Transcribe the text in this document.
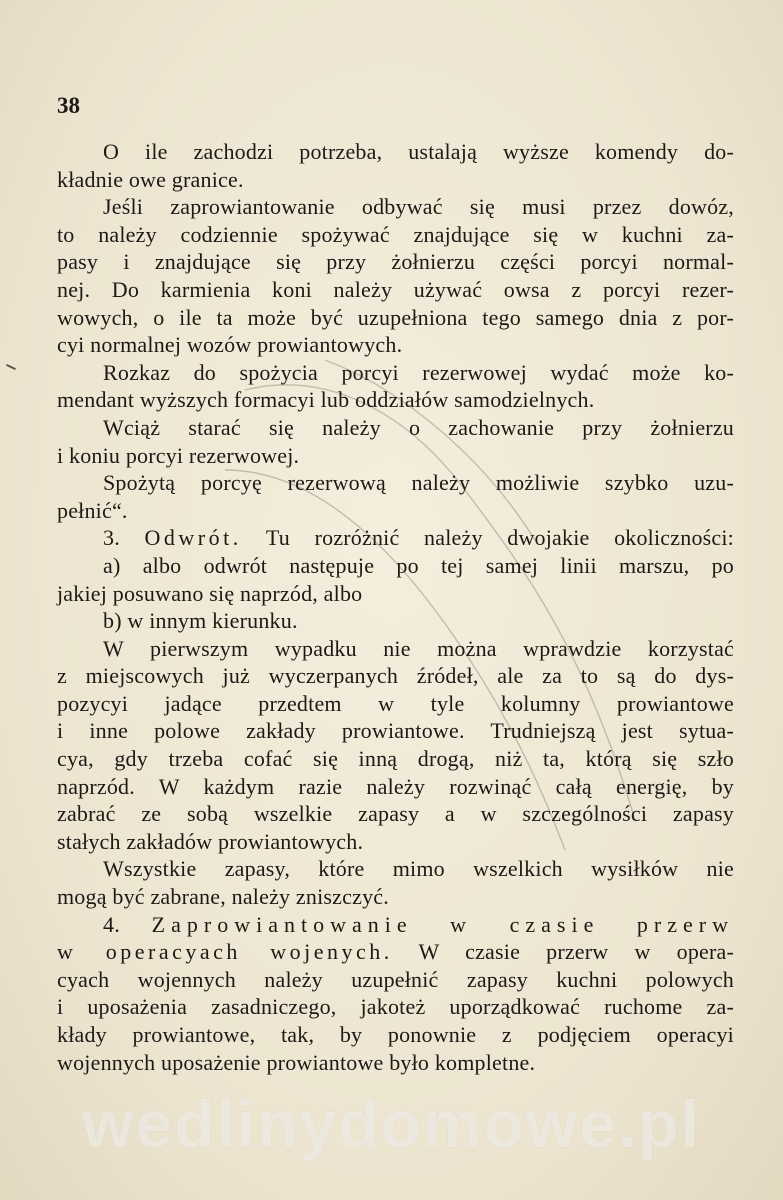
38
O ile zachodzi potrzeba, ustalają wyższe komendy do-
kładnie owe granice.
Jeśli zaprowiantowanie odbywać się musi przez dowóz,
to należy codziennie spożywać znajdujące się w kuchni za-
pasy i znajdujące się przy żołnierzu części porcyi normal-
nej. Do karmienia koni należy używać owsa z porcyi rezer-
wowych, o ile ta może być uzupełniona tego samego dnia z por-
cyi normalnej wozów prowiantowych.
Rozkaz do spożycia porcyi rezerwowej wydać może ko-
mendant wyższych formacyi lub oddziałów samodzielnych.
Wciąż starać się należy o zachowanie przy żołnierzu
i koniu porcyi rezerwowej.
Spożytą porcyę rezerwową należy możliwie szybko uzu-
pełnić“.
3. Odwrót. Tu rozróżnić należy dwojakie okoliczności:
a) albo odwrót następuje po tej samej linii marszu, po
jakiej posuwano się naprzód, albo
b) w innym kierunku.
W pierwszym wypadku nie można wprawdzie korzystać
z miejscowych już wyczerpanych źródeł, ale za to są do dys-
pozycyi jadące przedtem w tyle kolumny prowiantowe
i inne polowe zakłady prowiantowe. Trudniejszą jest sytua-
cya, gdy trzeba cofać się inną drogą, niż ta, którą się szło
naprzód. W każdym razie należy rozwinąć całą energię, by
zabrać ze sobą wszelkie zapasy a w szczególności zapasy
stałych zakładów prowiantowych.
Wszystkie zapasy, które mimo wszelkich wysiłków nie
mogą być zabrane, należy zniszczyć.
4. Zaprowiantowanie w czasie przerw
w operacyach wojenych. W czasie przerw w opera-
cyach wojennych należy uzupełnić zapasy kuchni polowych
i uposażenia zasadniczego, jakoteż uporządkować ruchome za-
kłady prowiantowe, tak, by ponownie z podjęciem operacyi
wojennych uposażenie prowiantowe było kompletne.
wedlinydomowe.pl
